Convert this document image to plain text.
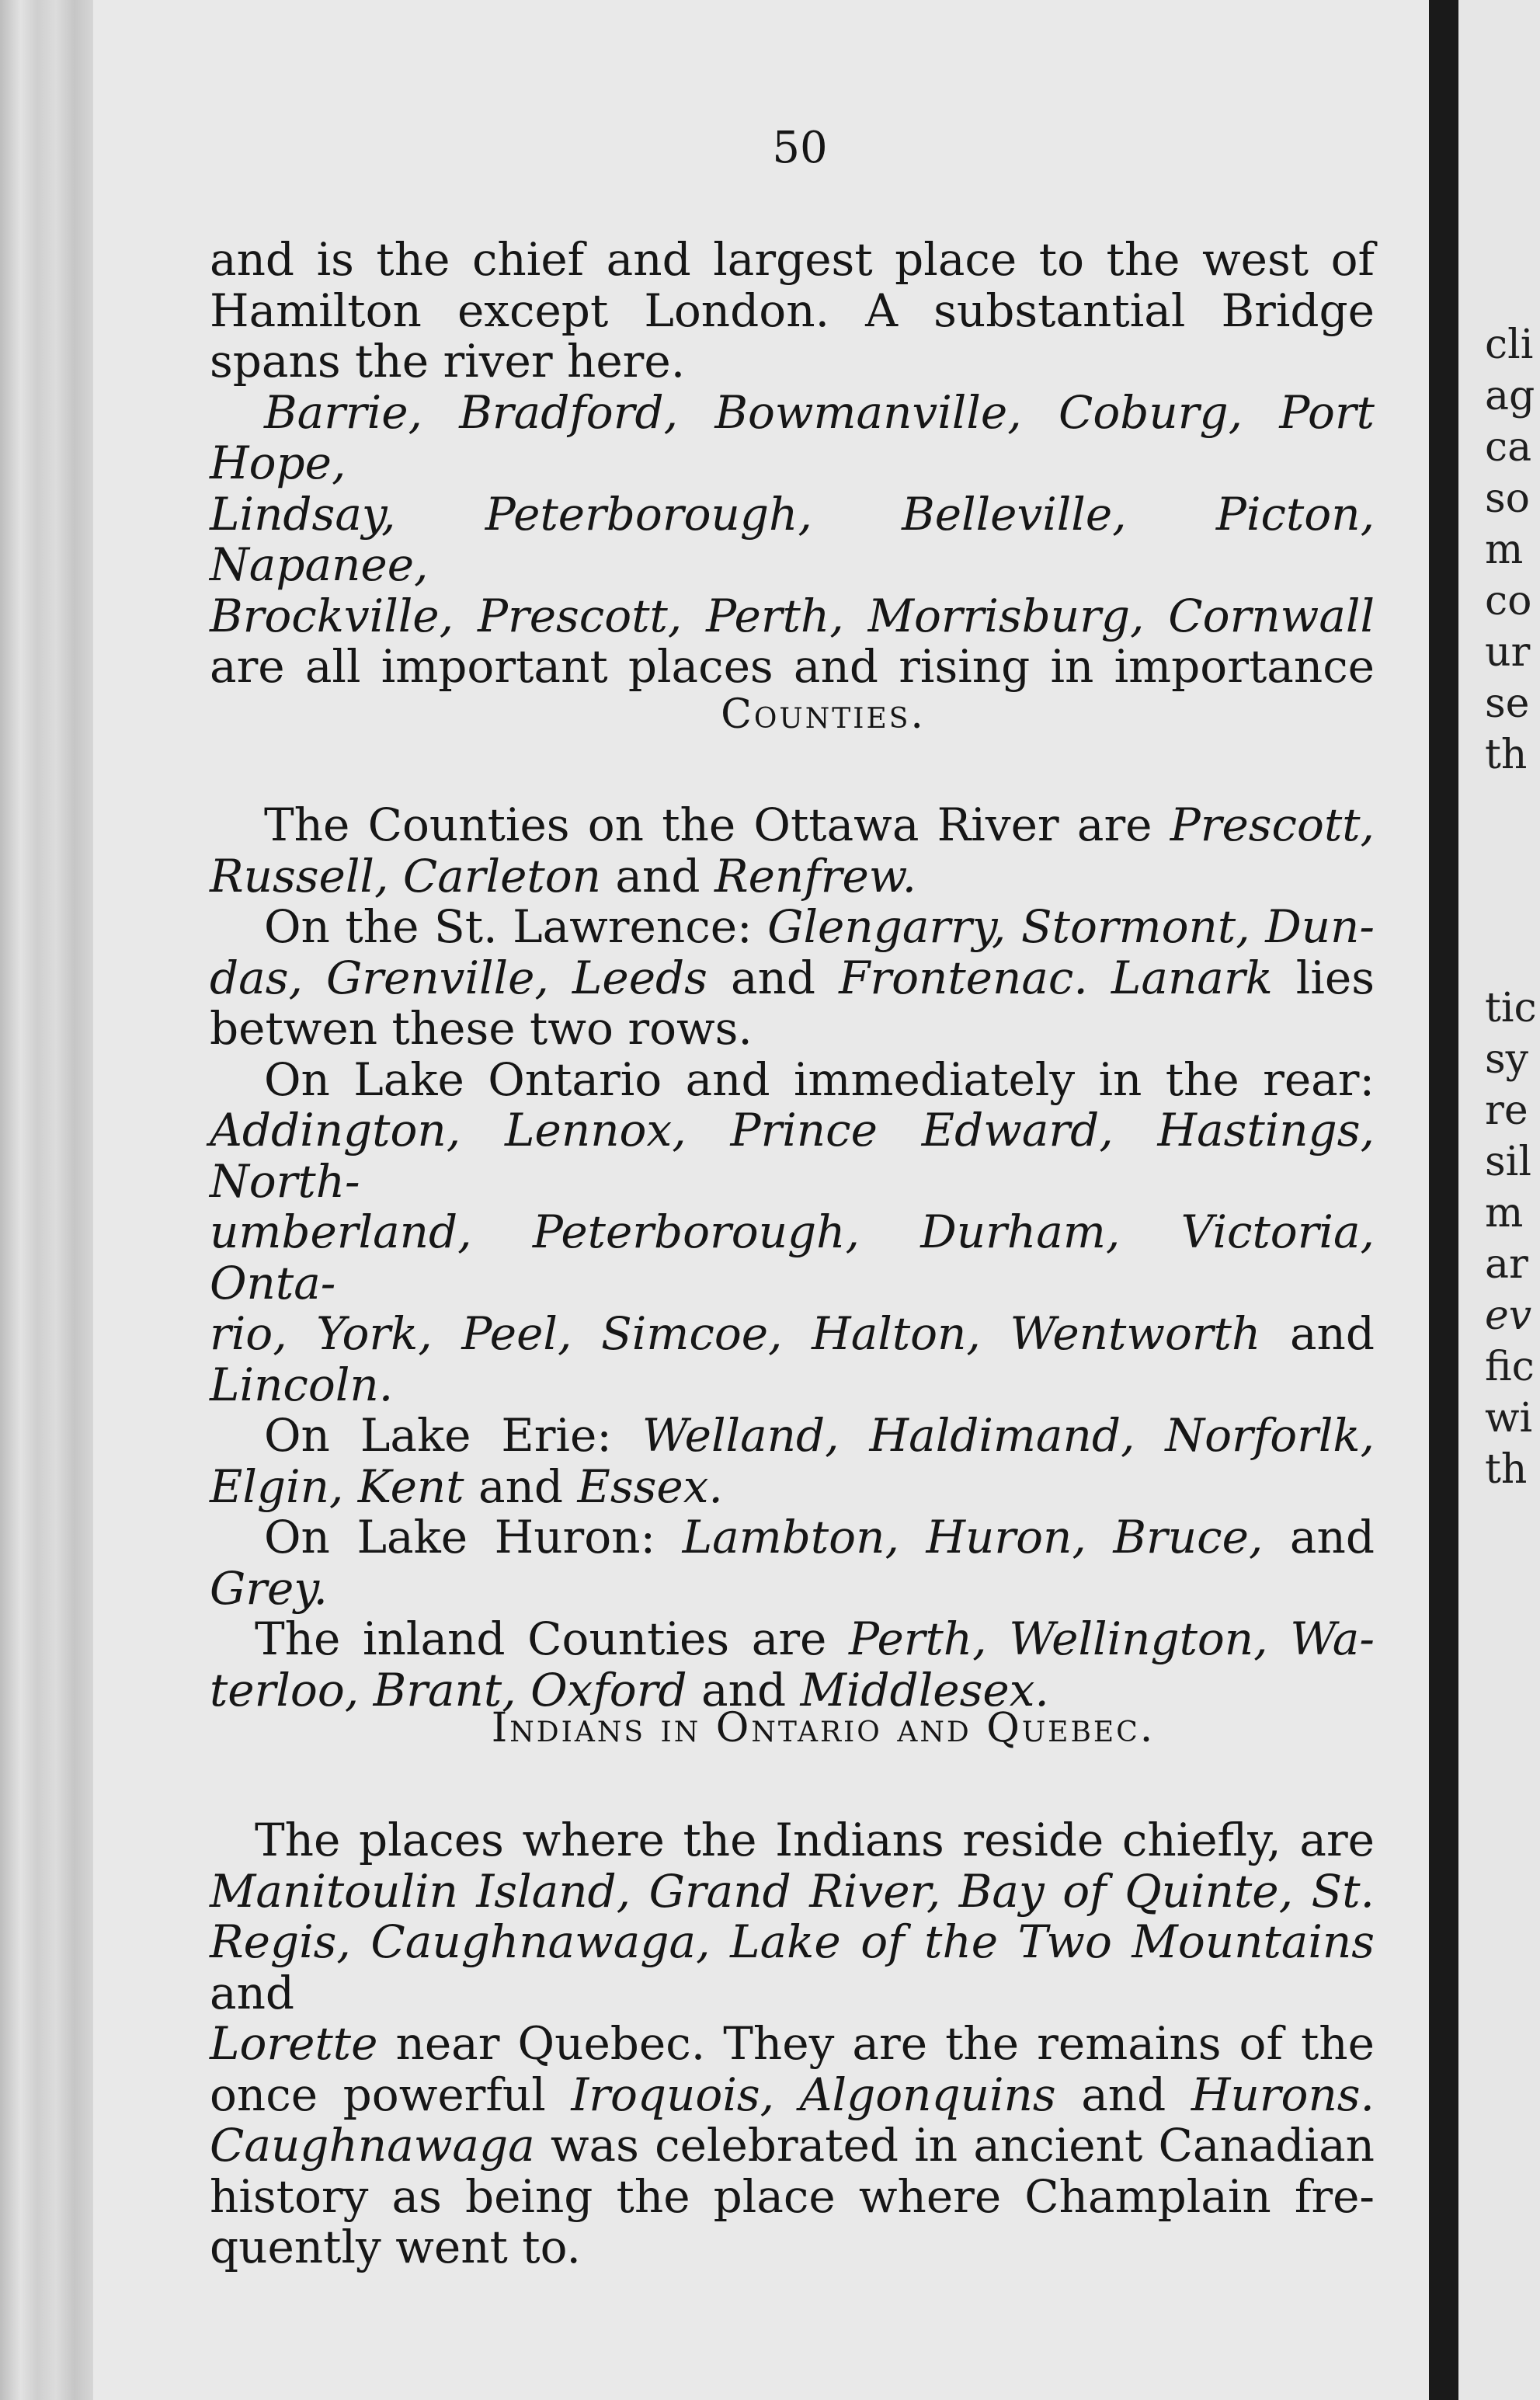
cli
ag
ca
so
m
co
ur
se
th
tic
sy
re
sil
m
ar
ev
fic
wi
th
50

and is the chief and largest place to the west of

Hamilton except London. A substantial Bridge

spans the river here.

Barrie, Bradford, Bowmanville, Coburg, Port Hope,

Lindsay, Peterborough, Belleville, Picton, Napanee,

Brockville, Prescott, Perth, Morrisburg, Cornwall

are all important places and rising in importance

Counties.

The Counties on the Ottawa River are Prescott,

Russell, Carleton and Renfrew.

On the St. Lawrence: Glengarry, Stormont, Dun-

das, Grenville, Leeds and Frontenac. Lanark lies

betwen these two rows.

On Lake Ontario and immediately in the rear:

Addington, Lennox, Prince Edward, Hastings, North-

umberland, Peterborough, Durham, Victoria, Onta-

rio, York, Peel, Simcoe, Halton, Wentworth and

Lincoln.

On Lake Erie: Welland, Haldimand, Norforlk,

Elgin, Kent and Essex.

On Lake Huron: Lambton, Huron, Bruce, and

Grey.

The inland Counties are Perth, Wellington, Wa-

terloo, Brant, Oxford and Middlesex.

Indians in Ontario and Quebec.

The places where the Indians reside chiefly, are

Manitoulin Island, Grand River, Bay of Quinte, St.

Regis, Caughnawaga, Lake of the Two Mountains and

Lorette near Quebec. They are the remains of the

once powerful Iroquois, Algonquins and Hurons.

Caughnawaga was celebrated in ancient Canadian

history as being the place where Champlain fre-

quently went to.
